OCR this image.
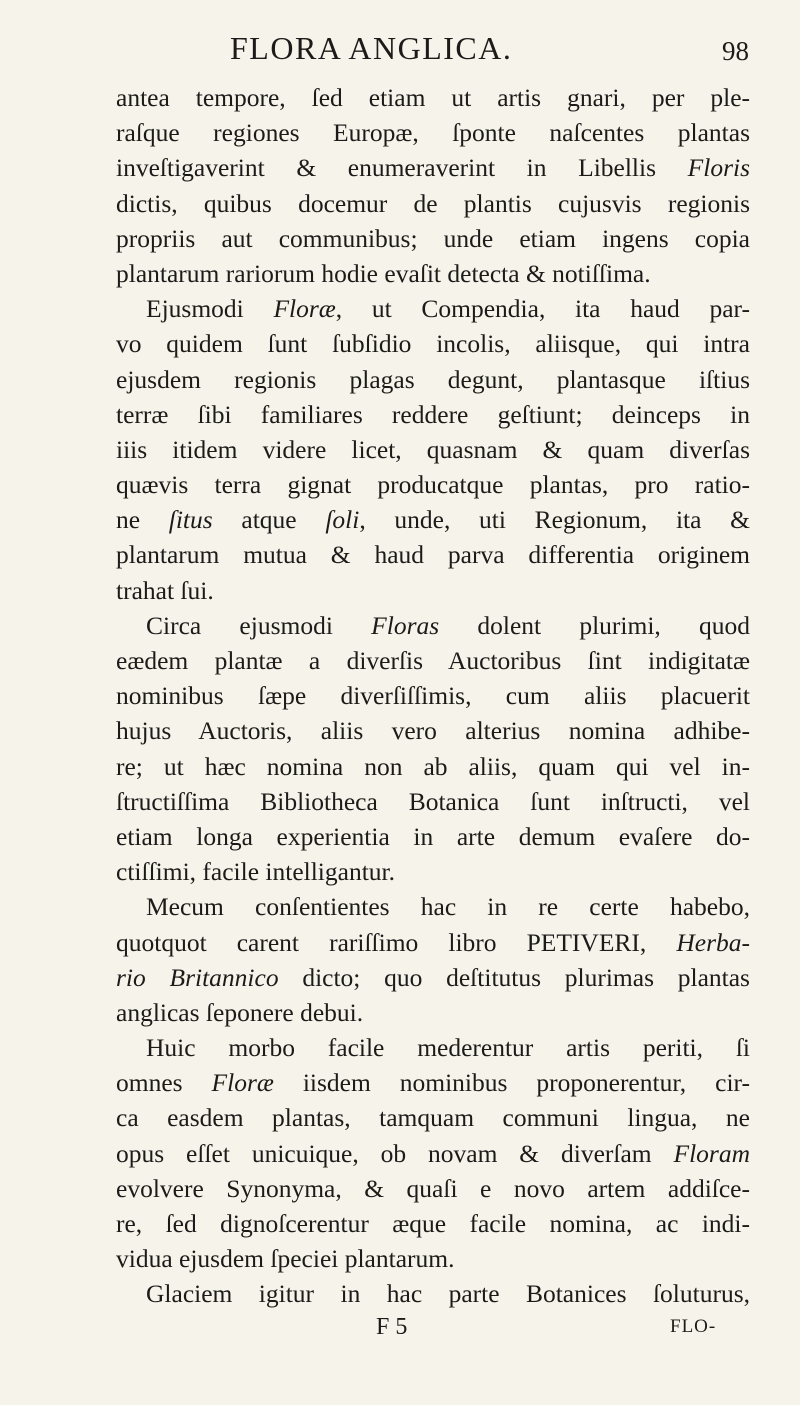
FLORA ANGLICA.	98
antea tempore, ſed etiam ut artis gnari, per ple-
raſque regiones Europæ, ſponte naſcentes plantas
inveſtigaverint & enumeraverint in Libellis Floris
dictis, quibus docemur de plantis cujusvis regionis
propriis aut communibus; unde etiam ingens copia
plantarum rariorum hodie evaſit detecta & notiſſima.
Ejusmodi Floræ, ut Compendia, ita haud par-
vo quidem ſunt ſubſidio incolis, aliisque, qui intra
ejusdem regionis plagas degunt, plantasque iſtius
terræ ſibi familiares reddere geſtiunt; deinceps in
iiis itidem videre licet, quasnam & quam diverſas
quævis terra gignat producatque plantas, pro ratio-
ne ſitus atque ſoli, unde, uti Regionum, ita &
plantarum mutua & haud parva differentia originem
trahat ſui.
Circa ejusmodi Floras dolent plurimi, quod
eædem plantæ a diverſis Auctoribus ſint indigitatæ
nominibus ſæpe diverſiſſimis, cum aliis placuerit
hujus Auctoris, aliis vero alterius nomina adhibe-
re; ut hæc nomina non ab aliis, quam qui vel in-
ſtructiſſima Bibliotheca Botanica ſunt inſtructi, vel
etiam longa experientia in arte demum evaſere do-
ctiſſimi, facile intelligantur.
Mecum conſentientes hac in re certe habebo,
quotquot carent rariſſimo libro PETIVERI, Herba-
rio Britannico dicto; quo deſtitutus plurimas plantas
anglicas ſeponere debui.
Huic morbo facile mederentur artis periti, ſi
omnes Floræ iisdem nominibus proponerentur, cir-
ca easdem plantas, tamquam communi lingua, ne
opus eſſet unicuique, ob novam & diverſam Floram
evolvere Synonyma, & quaſi e novo artem addiſce-
re, ſed dignoſcerentur æque facile nomina, ac indi-
vidua ejusdem ſpeciei plantarum.
Glaciem igitur in hac parte Botanices ſoluturus,
F 5	FLO-
